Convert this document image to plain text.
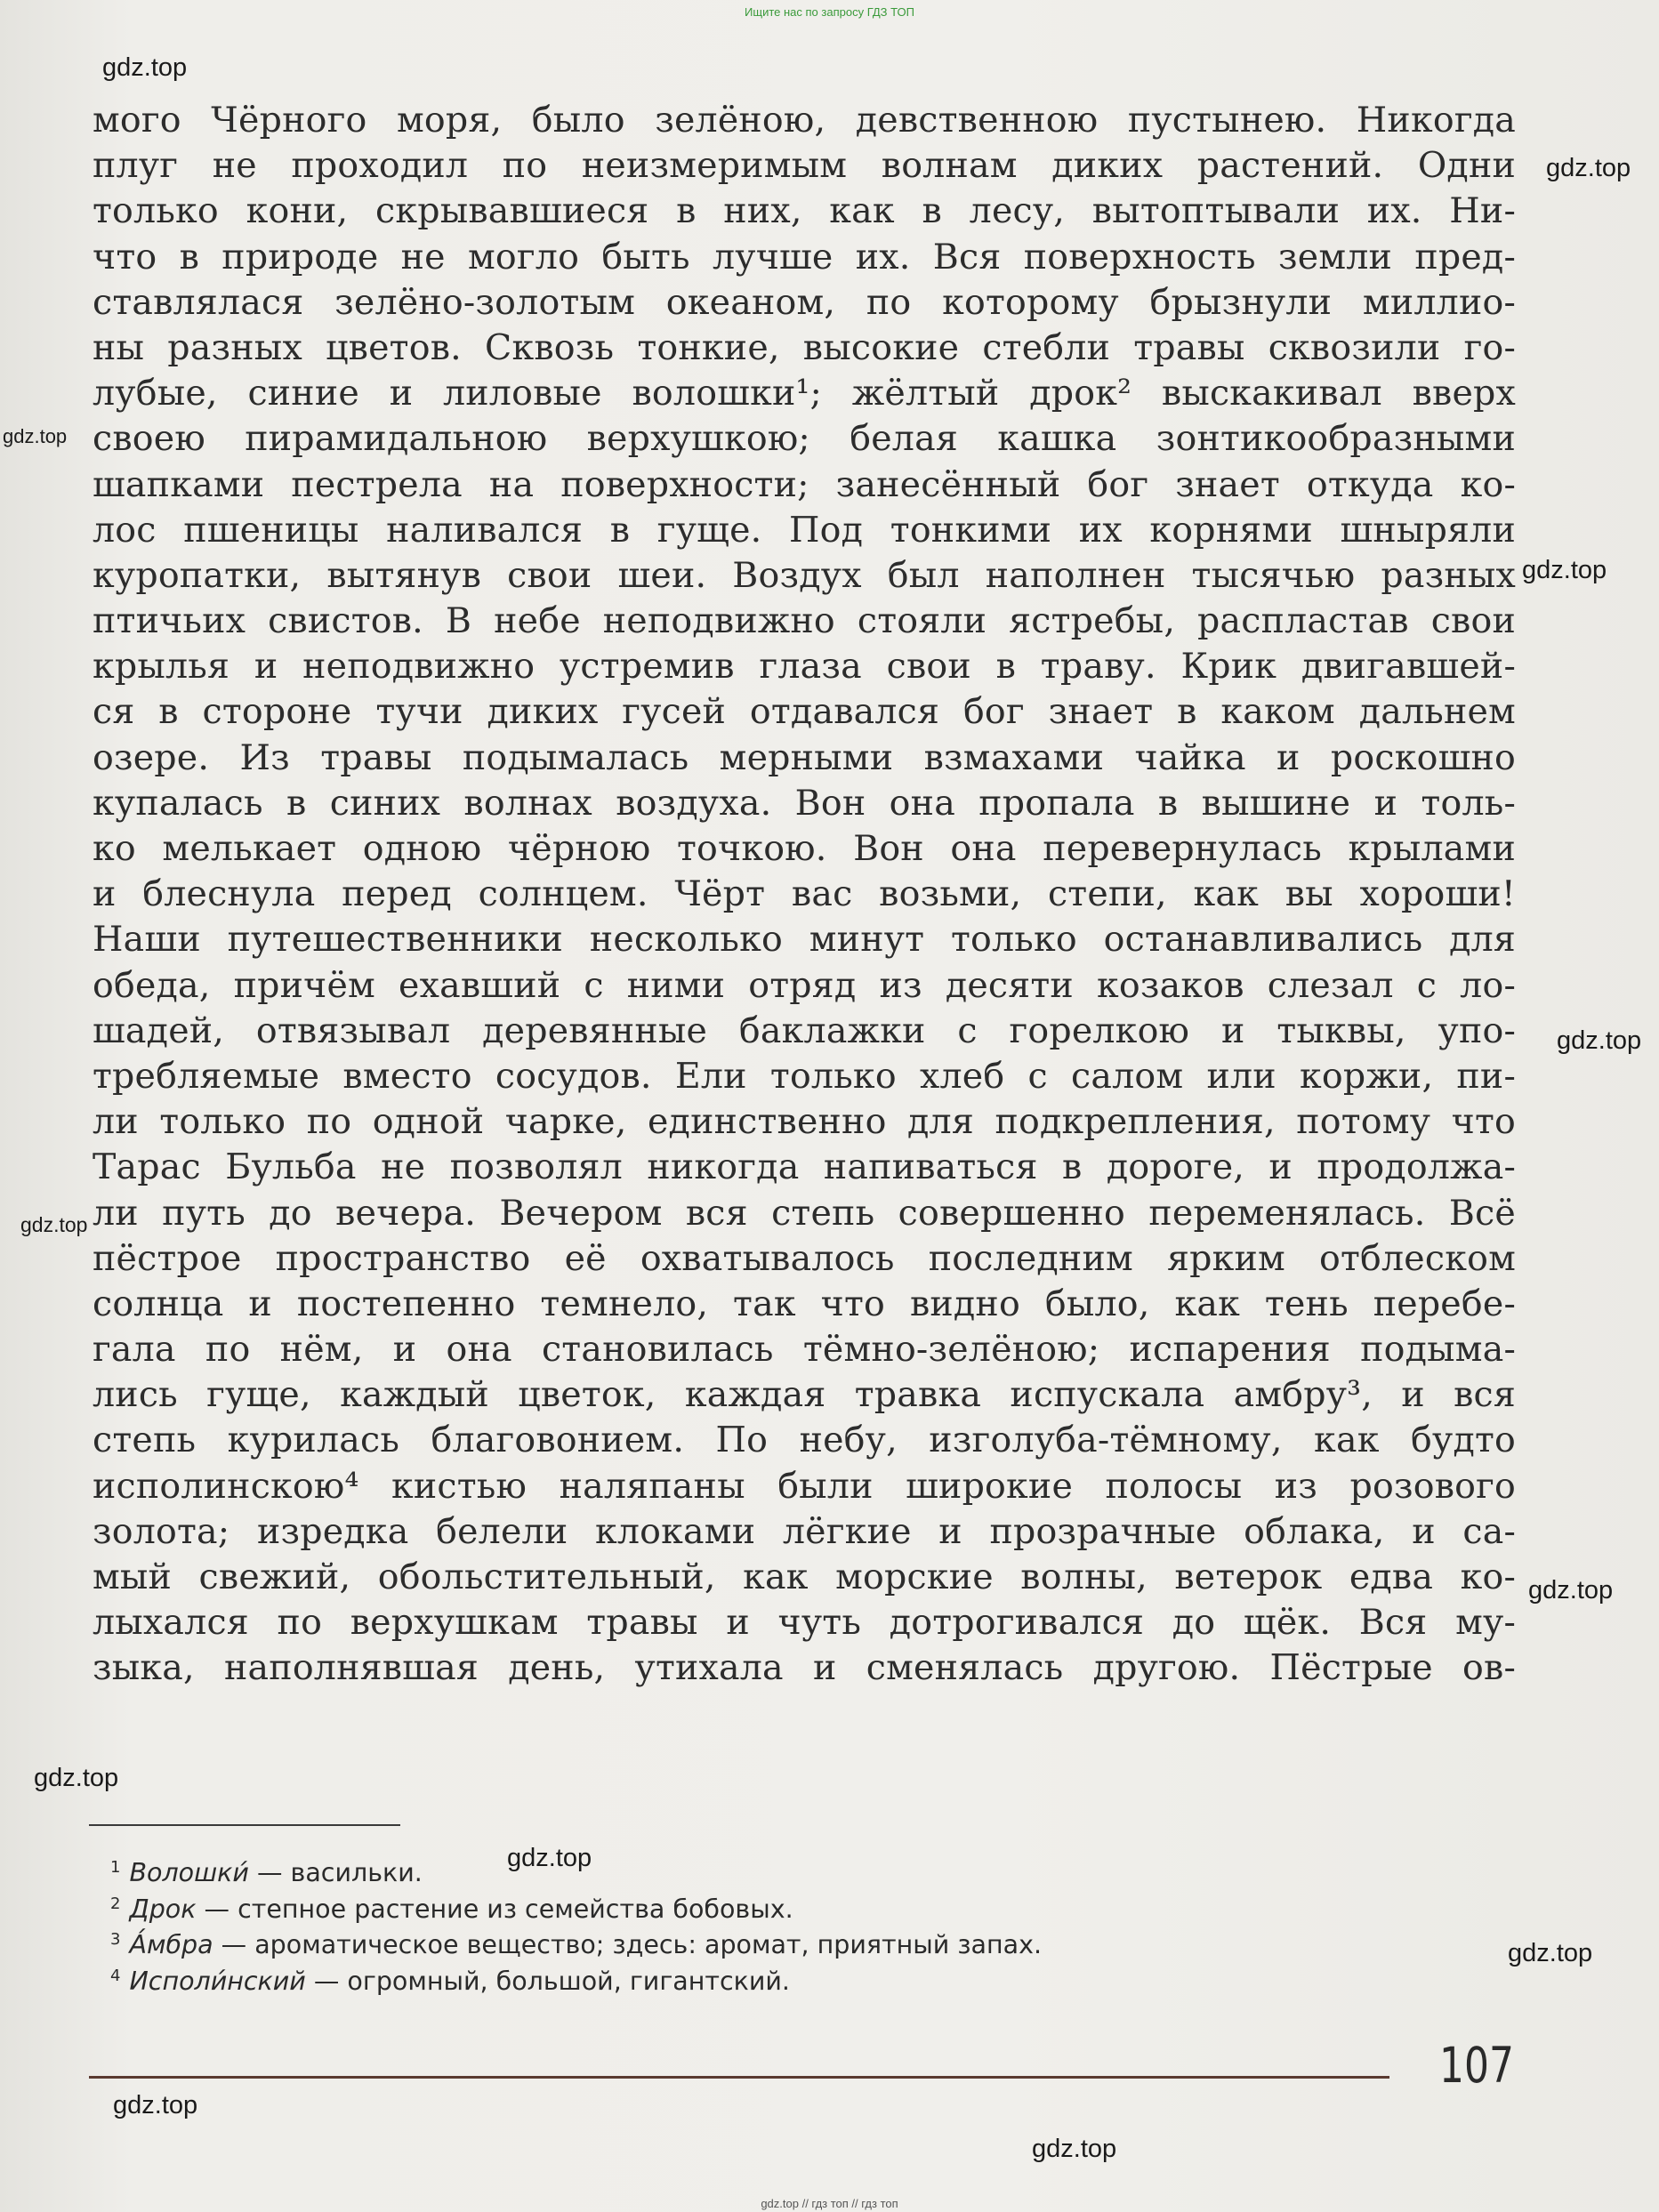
Ищите нас по запросу ГДЗ ТОП
gdz.top
gdz.top
gdz.top
gdz.top
gdz.top
gdz.top
gdz.top
gdz.top
gdz.top
gdz.top
gdz.top
gdz.top
мого Чёрного моря, было зелёною, девственною пустынею. Никогда
плуг не проходил по неизмеримым волнам диких растений. Одни
только кони, скрывавшиеся в них, как в лесу, вытоптывали их. Ни-
что в природе не могло быть лучше их. Вся поверхность земли пред-
ставлялася зелёно-золотым океаном, по которому брызнули миллио-
ны разных цветов. Сквозь тонкие, высокие стебли травы сквозили го-
лубые, синие и лиловые волошки¹; жёлтый дрок² выскакивал вверх
своею пирамидальною верхушкою; белая кашка зонтикообразными
шапками пестрела на поверхности; занесённый бог знает откуда ко-
лос пшеницы наливался в гуще. Под тонкими их корнями шныряли
куропатки, вытянув свои шеи. Воздух был наполнен тысячью разных
птичьих свистов. В небе неподвижно стояли ястребы, распластав свои
крылья и неподвижно устремив глаза свои в траву. Крик двигавшей-
ся в стороне тучи диких гусей отдавался бог знает в каком дальнем
озере. Из травы подымалась мерными взмахами чайка и роскошно
купалась в синих волнах воздуха. Вон она пропала в вышине и толь-
ко мелькает одною чёрною точкою. Вон она перевернулась крылами
и блеснула перед солнцем. Чёрт вас возьми, степи, как вы хороши!
Наши путешественники несколько минут только останавливались для
обеда, причём ехавший с ними отряд из десяти козаков слезал с ло-
шадей, отвязывал деревянные баклажки с горелкою и тыквы, упо-
требляемые вместо сосудов. Ели только хлеб с салом или коржи, пи-
ли только по одной чарке, единственно для подкрепления, потому что
Тарас Бульба не позволял никогда напиваться в дороге, и продолжа-
ли путь до вечера. Вечером вся степь совершенно переменялась. Всё
пёстрое пространство её охватывалось последним ярким отблеском
солнца и постепенно темнело, так что видно было, как тень перебе-
гала по нём, и она становилась тёмно-зелёною; испарения подыма-
лись гуще, каждый цветок, каждая травка испускала амбру³, и вся
степь курилась благовонием. По небу, изголуба-тёмному, как будто
исполинскою⁴ кистью наляпаны были широкие полосы из розового
золота; изредка белели клоками лёгкие и прозрачные облака, и са-
мый свежий, обольстительный, как морские волны, ветерок едва ко-
лыхался по верхушкам травы и чуть дотрогивался до щёк. Вся му-
зыка, наполнявшая день, утихала и сменялась другою. Пёстрые ов-
$^1$ Волошки́ — васильки.
$^2$ Дрок — степное растение из семейства бобовых.
$^3$ А́мбра — ароматическое вещество; здесь: аромат, приятный запах.
$^4$ Исполи́нский — огромный, большой, гигантский.
107
gdz.top // гдз топ // гдз топ
